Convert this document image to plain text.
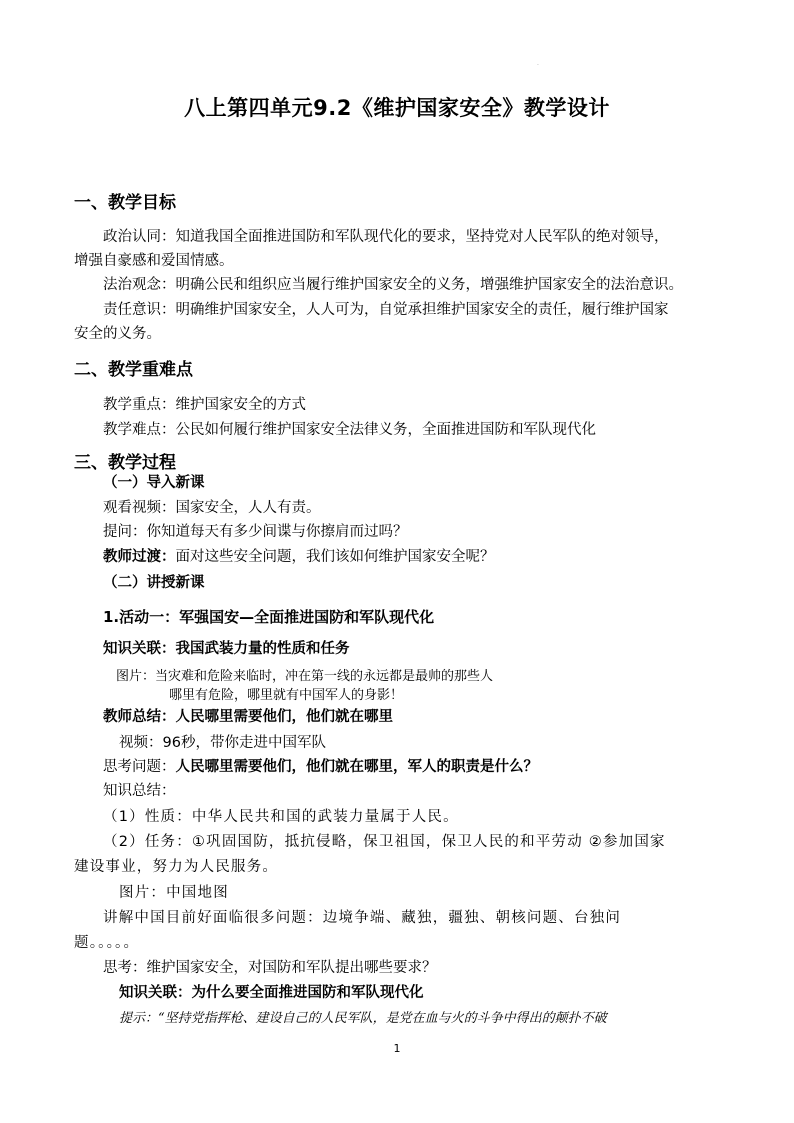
·
八上第四单元9.2《维护国家安全》教学设计
一、教学目标
政治认同：知道我国全面推进国防和军队现代化的要求，坚持党对人民军队的绝对领导，
增强自豪感和爱国情感。
法治观念：明确公民和组织应当履行维护国家安全的义务，增强维护国家安全的法治意识。
责任意识：明确维护国家安全，人人可为，自觉承担维护国家安全的责任，履行维护国家
安全的义务。
二、教学重难点
教学重点：维护国家安全的方式
教学难点：公民如何履行维护国家安全法律义务，全面推进国防和军队现代化
三、教学过程
（一）导入新课
观看视频：国家安全，人人有责。
提问：你知道每天有多少间谍与你擦肩而过吗？
教师过渡：面对这些安全问题，我们该如何维护国家安全呢？
（二）讲授新课
1.活动一：军强国安—全面推进国防和军队现代化
知识关联：我国武装力量的性质和任务
图片：当灾难和危险来临时，冲在第一线的永远都是最帅的那些人
哪里有危险，哪里就有中国军人的身影！
教师总结：人民哪里需要他们，他们就在哪里
视频：96秒，带你走进中国军队
思考问题：人民哪里需要他们，他们就在哪里，军人的职责是什么？
知识总结：
（1）性质：中华人民共和国的武装力量属于人民。
（2）任务：①巩固国防，抵抗侵略，保卫祖国，保卫人民的和平劳动 ②参加国家
建设事业，努力为人民服务。
图片：中国地图
讲解中国目前好面临很多问题：边境争端、藏独，疆独、朝核问题、台独问
题。。。。。
思考：维护国家安全，对国防和军队提出哪些要求？
知识关联：为什么要全面推进国防和军队现代化
提示：“坚持党指挥枪、建设自己的人民军队，是党在血与火的斗争中得出的颠扑不破
1
